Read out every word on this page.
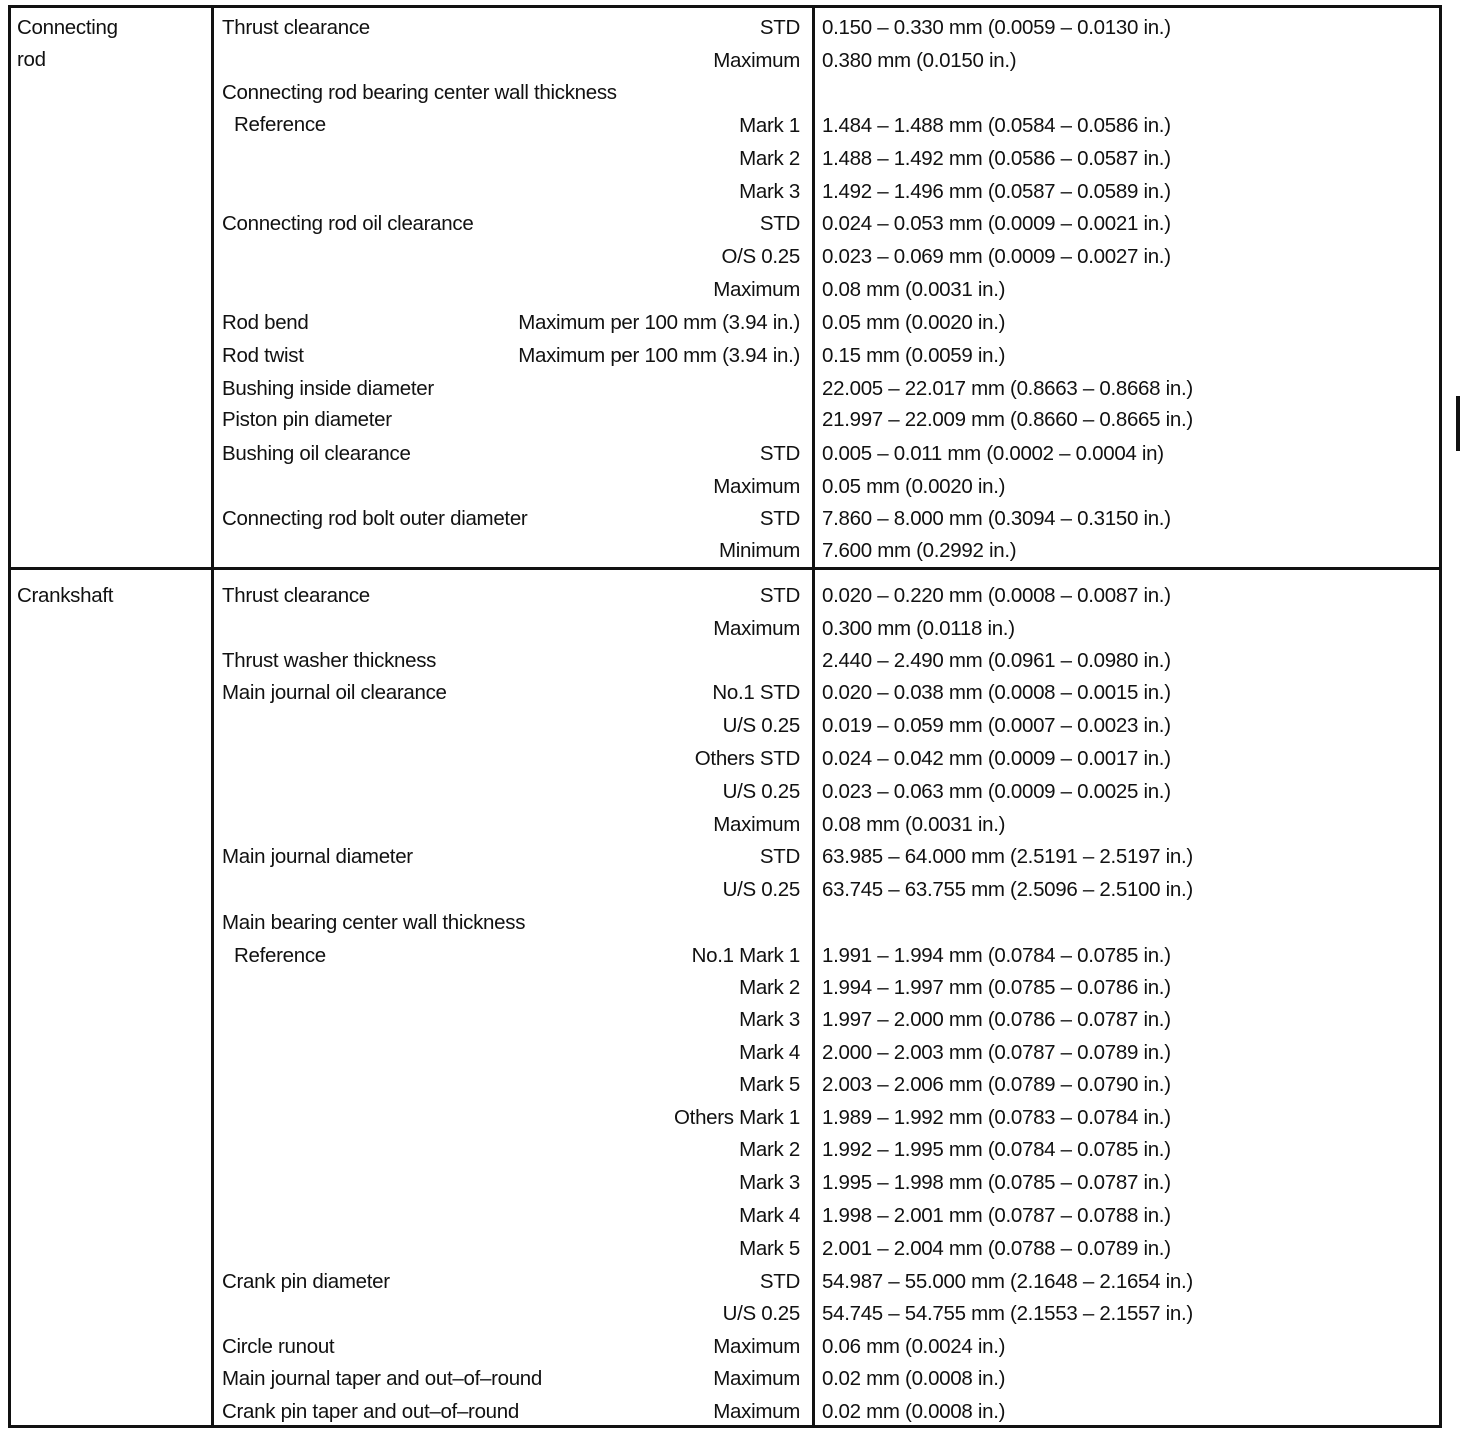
Connecting
rod
Thrust clearance	STD 0.150 – 0.330 mm (0.0059 – 0.0130 in.)
Maximum 0.380 mm (0.0150 in.)
Connecting rod bearing center wall thickness
Reference	Mark 1 1.484 – 1.488 mm (0.0584 – 0.0586 in.)
Mark 2 1.488 – 1.492 mm (0.0586 – 0.0587 in.)
Mark 3 1.492 – 1.496 mm (0.0587 – 0.0589 in.)
Connecting rod oil clearance	STD 0.024 – 0.053 mm (0.0009 – 0.0021 in.)
O/S 0.25 0.023 – 0.069 mm (0.0009 – 0.0027 in.)
Maximum 0.08 mm (0.0031 in.)
Rod bend	Maximum per 100 mm (3.94 in.) 0.05 mm (0.0020 in.)
Rod twist	Maximum per 100 mm (3.94 in.) 0.15 mm (0.0059 in.)
Bushing inside diameter	22.005 – 22.017 mm (0.8663 – 0.8668 in.)
Piston pin diameter	21.997 – 22.009 mm (0.8660 – 0.8665 in.)
Bushing oil clearance	STD 0.005 – 0.011 mm (0.0002 – 0.0004 in)
Maximum 0.05 mm (0.0020 in.)
Connecting rod bolt outer diameter	STD 7.860 – 8.000 mm (0.3094 – 0.3150 in.)
Minimum 7.600 mm (0.2992 in.)
Crankshaft	Thrust clearance	STD 0.020 – 0.220 mm (0.0008 – 0.0087 in.)
Maximum 0.300 mm (0.0118 in.)
Thrust washer thickness	2.440 – 2.490 mm (0.0961 – 0.0980 in.)
Main journal oil clearance	No.1 STD 0.020 – 0.038 mm (0.0008 – 0.0015 in.)
U/S 0.25 0.019 – 0.059 mm (0.0007 – 0.0023 in.)
Others STD 0.024 – 0.042 mm (0.0009 – 0.0017 in.)
U/S 0.25 0.023 – 0.063 mm (0.0009 – 0.0025 in.)
Maximum 0.08 mm (0.0031 in.)
Main journal diameter	STD 63.985 – 64.000 mm (2.5191 – 2.5197 in.)
U/S 0.25 63.745 – 63.755 mm (2.5096 – 2.5100 in.)
Main bearing center wall thickness
Reference	No.1 Mark 1 1.991 – 1.994 mm (0.0784 – 0.0785 in.)
Mark 2 1.994 – 1.997 mm (0.0785 – 0.0786 in.)
Mark 3 1.997 – 2.000 mm (0.0786 – 0.0787 in.)
Mark 4 2.000 – 2.003 mm (0.0787 – 0.0789 in.)
Mark 5 2.003 – 2.006 mm (0.0789 – 0.0790 in.)
Others Mark 1 1.989 – 1.992 mm (0.0783 – 0.0784 in.)
Mark 2 1.992 – 1.995 mm (0.0784 – 0.0785 in.)
Mark 3 1.995 – 1.998 mm (0.0785 – 0.0787 in.)
Mark 4 1.998 – 2.001 mm (0.0787 – 0.0788 in.)
Mark 5 2.001 – 2.004 mm (0.0788 – 0.0789 in.)
Crank pin diameter	STD 54.987 – 55.000 mm (2.1648 – 2.1654 in.)
U/S 0.25 54.745 – 54.755 mm (2.1553 – 2.1557 in.)
Circle runout	Maximum 0.06 mm (0.0024 in.)
Main journal taper and out–of–round	Maximum 0.02 mm (0.0008 in.)
Crank pin taper and out–of–round	Maximum 0.02 mm (0.0008 in.)
